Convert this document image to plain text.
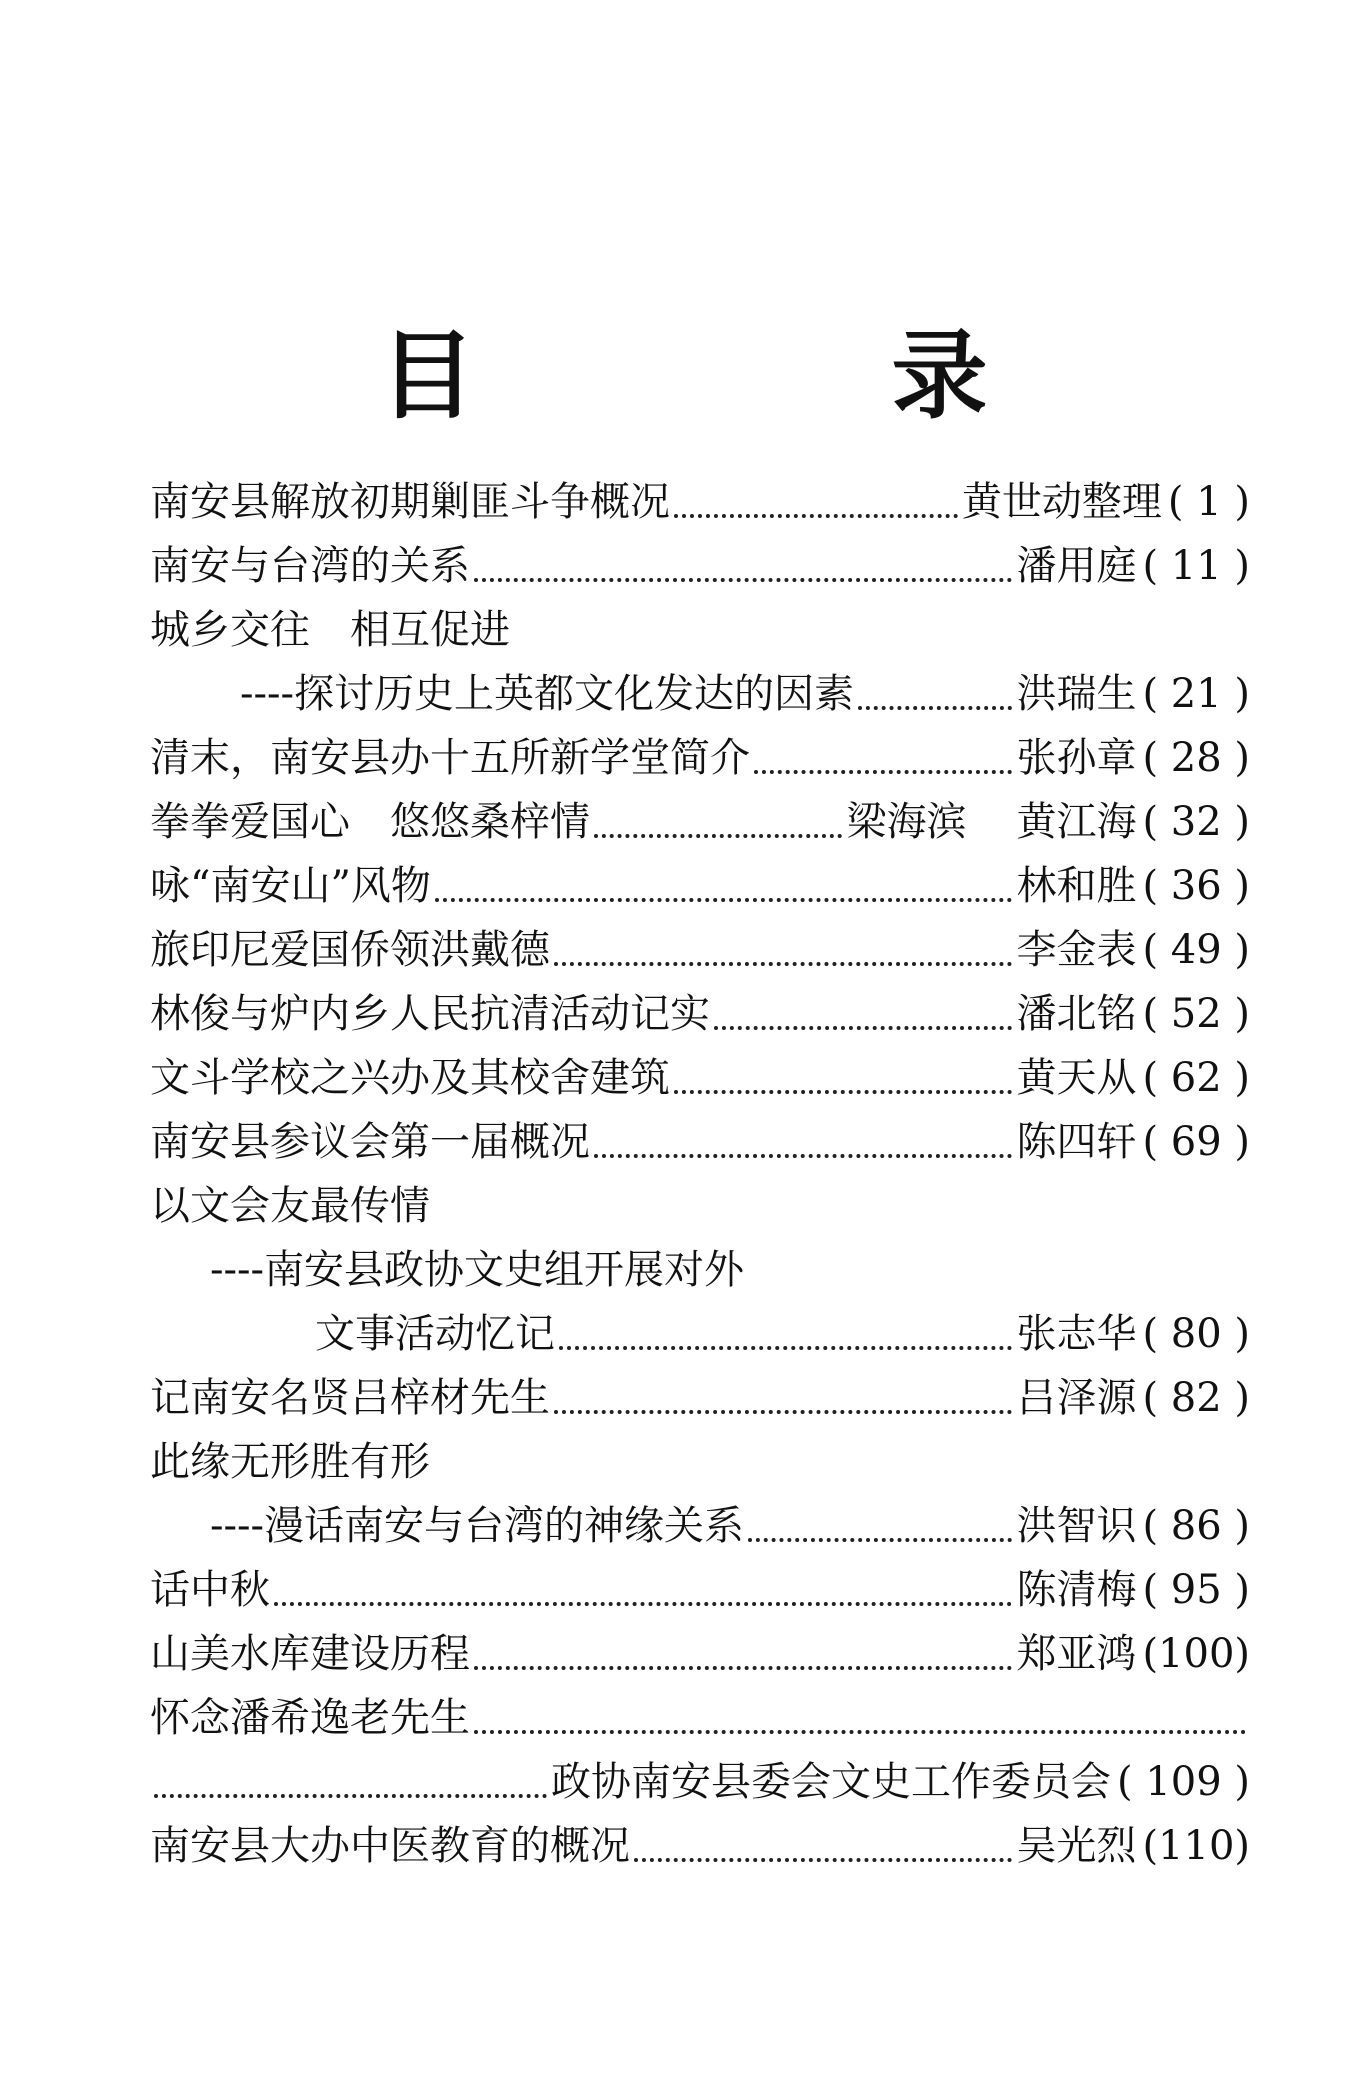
目　录
南安县解放初期剿匪斗争概况	黄世动整理 ( 1 )
南安与台湾的关系	潘用庭 ( 11 )
城乡交往　相互促进
----探讨历史上英都文化发达的因素	洪瑞生 ( 21 )
清末，南安县办十五所新学堂简介	张孙章 ( 28 )
拳拳爱国心　悠悠桑梓情	梁海滨 黄江海 ( 32 )
咏“南安山”风物	林和胜 ( 36 )
旅印尼爱国侨领洪戴德	李金表 ( 49 )
林俊与炉内乡人民抗清活动记实	潘北铭 ( 52 )
文斗学校之兴办及其校舍建筑	黄天从 ( 62 )
南安县参议会第一届概况	陈四轩 ( 69 )
以文会友最传情
----南安县政协文史组开展对外
文事活动忆记	张志华 ( 80 )
记南安名贤吕梓材先生	吕泽源 ( 82 )
此缘无形胜有形
----漫话南安与台湾的神缘关系	洪智识 ( 86 )
话中秋	陈清梅 ( 95 )
山美水库建设历程	郑亚鸿 (100)
怀念潘希逸老先生
政协南安县委会文史工作委员会 ( 109 )
南安县大办中医教育的概况	吴光烈 (110)
